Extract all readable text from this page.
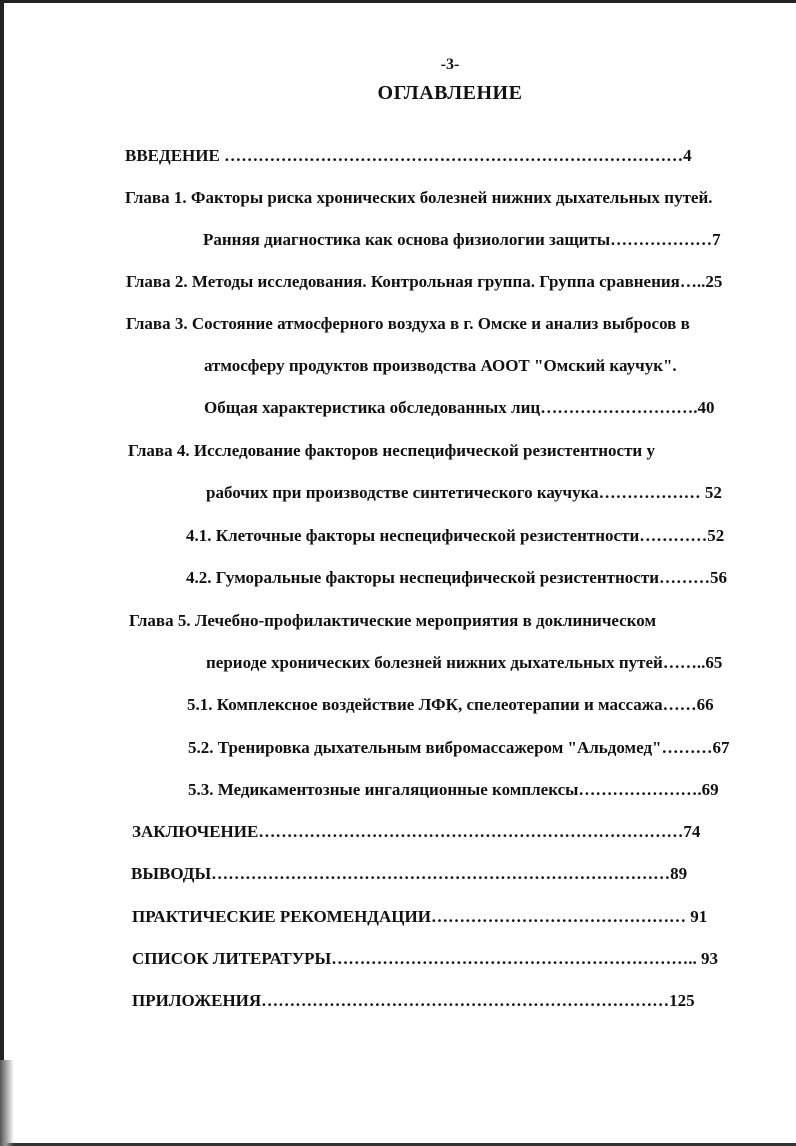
-3-
ОГЛАВЛЕНИЕ
ВВЕДЕНИЕ ………………………………………………………………………4
Глава 1. Факторы риска хронических болезней нижних дыхательных путей.
Ранняя диагностика как основа физиологии защиты………………7
Глава 2. Методы исследования. Контрольная группа. Группа сравнения…..25
Глава 3. Состояние атмосферного воздуха в г. Омске и анализ выбросов в
атмосферу продуктов производства АООТ "Омский каучук".
Общая характеристика обследованных лиц……………………….40
Глава 4. Исследование факторов неспецифической резистентности у
рабочих при производстве синтетического каучука……………… 52
4.1. Клеточные факторы неспецифической резистентности…………52
4.2. Гуморальные факторы неспецифической резистентности………56
Глава 5. Лечебно-профилактические мероприятия в доклиническом
периоде хронических болезней нижних дыхательных путей……..65
5.1. Комплексное воздействие ЛФК, спелеотерапии и массажа……66
5.2. Тренировка дыхательным вибромассажером "Альдомед"………67
5.3. Медикаментозные ингаляционные комплексы………………….69
ЗАКЛЮЧЕНИЕ…………………………………………………………………74
ВЫВОДЫ………………………………………………………………………89
ПРАКТИЧЕСКИЕ РЕКОМЕНДАЦИИ……………………………………… 91
СПИСОК ЛИТЕРАТУРЫ……………………………………………………….. 93
ПРИЛОЖЕНИЯ………………………………………………………………125
